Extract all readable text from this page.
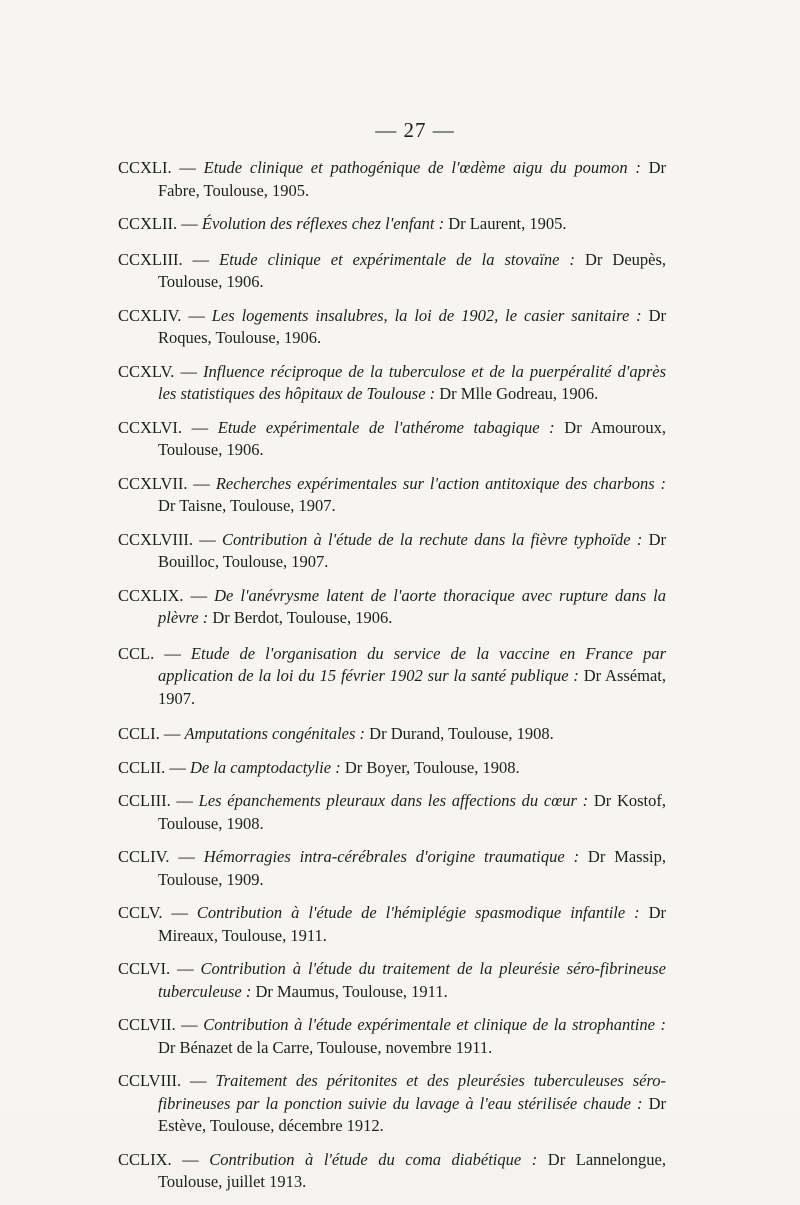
— 27 —
CCXLI. — Etude clinique et pathogénique de l'œdème aigu du poumon : Dr Fabre, Toulouse, 1905.
CCXLII. — Évolution des réflexes chez l'enfant : Dr Laurent, 1905.
CCXLIII. — Etude clinique et expérimentale de la stovaïne : Dr Deupès, Toulouse, 1906.
CCXLIV. — Les logements insalubres, la loi de 1902, le casier sanitaire : Dr Roques, Toulouse, 1906.
CCXLV. — Influence réciproque de la tuberculose et de la puerpéralité d'après les statistiques des hôpitaux de Toulouse : Dr Mlle Godreau, 1906.
CCXLVI. — Etude expérimentale de l'athérome tabagique : Dr Amouroux, Toulouse, 1906.
CCXLVII. — Recherches expérimentales sur l'action antitoxique des charbons : Dr Taisne, Toulouse, 1907.
CCXLVIII. — Contribution à l'étude de la rechute dans la fièvre typhoïde : Dr Bouilloc, Toulouse, 1907.
CCXLIX. — De l'anévrysme latent de l'aorte thoracique avec rupture dans la plèvre : Dr Berdot, Toulouse, 1906.
CCL. — Etude de l'organisation du service de la vaccine en France par application de la loi du 15 février 1902 sur la santé publique : Dr Assémat, 1907.
CCLI. — Amputations congénitales : Dr Durand, Toulouse, 1908.
CCLII. — De la camptodactylie : Dr Boyer, Toulouse, 1908.
CCLIII. — Les épanchements pleuraux dans les affections du cœur : Dr Kostof, Toulouse, 1908.
CCLIV. — Hémorragies intra-cérébrales d'origine traumatique : Dr Massip, Toulouse, 1909.
CCLV. — Contribution à l'étude de l'hémiplégie spasmodique infantile : Dr Mireaux, Toulouse, 1911.
CCLVI. — Contribution à l'étude du traitement de la pleurésie séro-fibrineuse tuberculeuse : Dr Maumus, Toulouse, 1911.
CCLVII. — Contribution à l'étude expérimentale et clinique de la strophantine : Dr Bénazet de la Carre, Toulouse, novembre 1911.
CCLVIII. — Traitement des péritonites et des pleurésies tuberculeuses séro-fibrineuses par la ponction suivie du lavage à l'eau stérilisée chaude : Dr Estève, Toulouse, décembre 1912.
CCLIX. — Contribution à l'étude du coma diabétique : Dr Lannelongue, Toulouse, juillet 1913.
